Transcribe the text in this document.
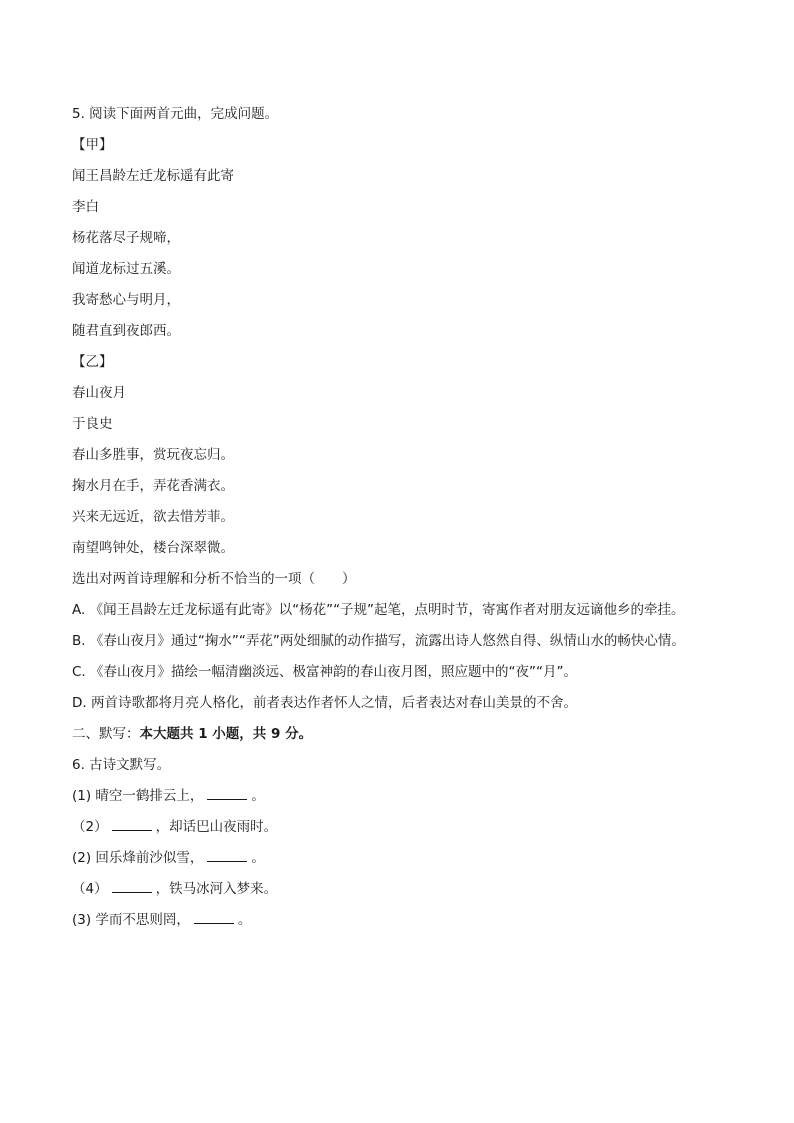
5. 阅读下面两首元曲，完成问题。
【甲】
闻王昌龄左迁龙标遥有此寄
李白
杨花落尽子规啼，
闻道龙标过五溪。
我寄愁心与明月，
随君直到夜郎西。
【乙】
春山夜月
于良史
春山多胜事，赏玩夜忘归。
掬水月在手，弄花香满衣。
兴来无远近，欲去惜芳菲。
南望鸣钟处，楼台深翠微。
选出对两首诗理解和分析不恰当的一项（　　）
A. 《闻王昌龄左迁龙标遥有此寄》以“杨花”“子规”起笔，点明时节，寄寓作者对朋友远谪他乡的牵挂。
B. 《春山夜月》通过“掬水”“弄花”两处细腻的动作描写，流露出诗人悠然自得、纵情山水的畅快心情。
C. 《春山夜月》描绘一幅清幽淡远、极富神韵的春山夜月图，照应题中的“夜”“月”。
D. 两首诗歌都将月亮人格化，前者表达作者怀人之情，后者表达对春山美景的不舍。
二、默写：本大题共 1 小题，共 9 分。
6. 古诗文默写。
(1) 晴空一鹤排云上，	。
（2）	，却话巴山夜雨时。
(2) 回乐烽前沙似雪，	。
（4）	，铁马冰河入梦来。
(3) 学而不思则罔，	。
